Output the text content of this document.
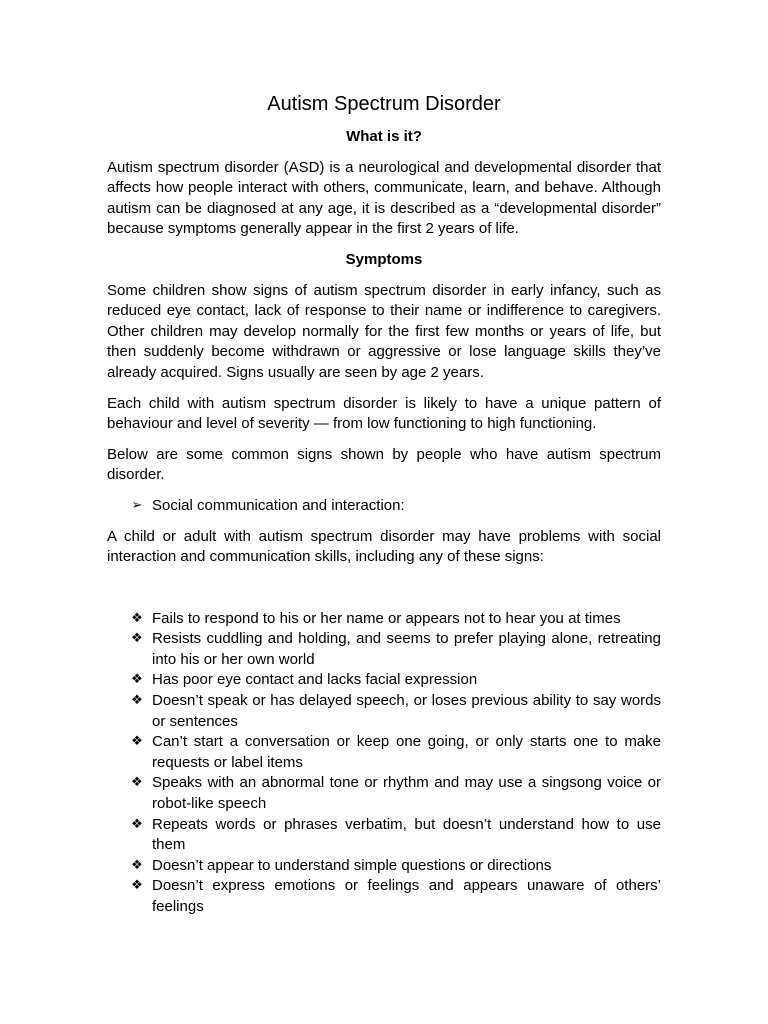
Autism Spectrum Disorder
What is it?

Autism spectrum disorder (ASD) is a neurological and developmental disorder that affects how people interact with others, communicate, learn, and behave. Although autism can be diagnosed at any age, it is described as a “developmental disorder” because symptoms generally appear in the first 2 years of life.

Symptoms

Some children show signs of autism spectrum disorder in early infancy, such as reduced eye contact, lack of response to their name or indifference to caregivers. Other children may develop normally for the first few months or years of life, but then suddenly become withdrawn or aggressive or lose language skills they’ve already acquired. Signs usually are seen by age 2 years.

Each child with autism spectrum disorder is likely to have a unique pattern of behaviour and level of severity — from low functioning to high functioning.

Below are some common signs shown by people who have autism spectrum disorder.

➢ Social communication and interaction:

A child or adult with autism spectrum disorder may have problems with social interaction and communication skills, including any of these signs:

❖ Fails to respond to his or her name or appears not to hear you at times
❖ Resists cuddling and holding, and seems to prefer playing alone, retreating into his or her own world
❖ Has poor eye contact and lacks facial expression
❖ Doesn’t speak or has delayed speech, or loses previous ability to say words or sentences
❖ Can’t start a conversation or keep one going, or only starts one to make requests or label items
❖ Speaks with an abnormal tone or rhythm and may use a singsong voice or robot-like speech
❖ Repeats words or phrases verbatim, but doesn’t understand how to use them
❖ Doesn’t appear to understand simple questions or directions
❖ Doesn’t express emotions or feelings and appears unaware of others’ feelings
